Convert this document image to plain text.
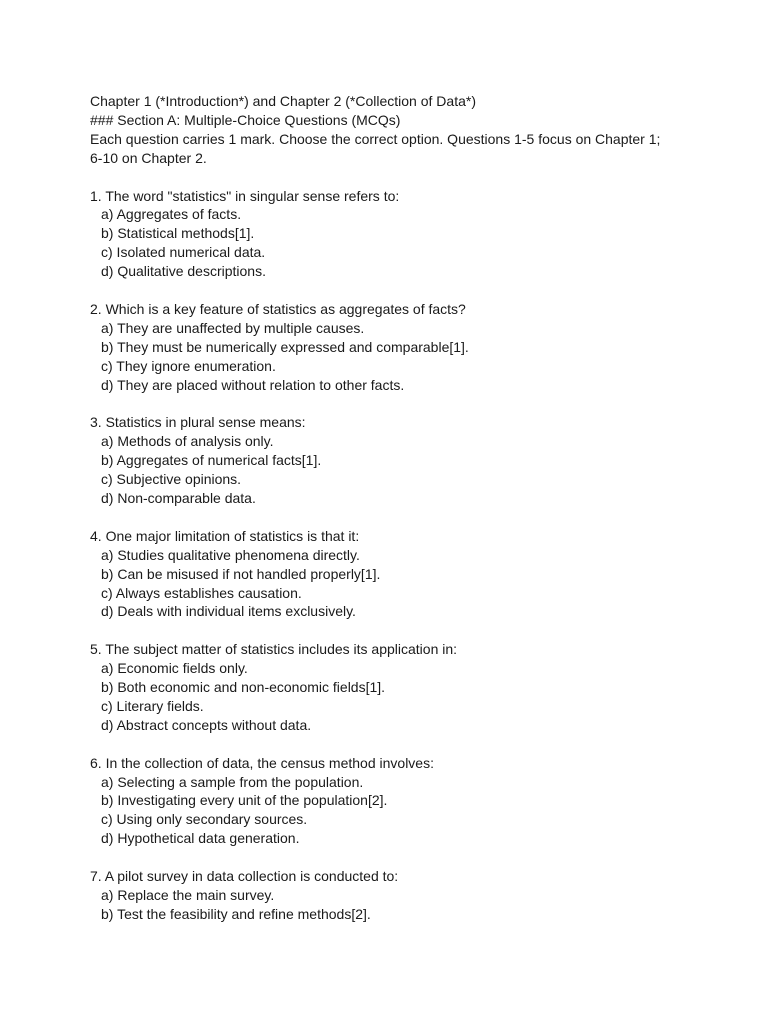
Chapter 1 (*Introduction*) and Chapter 2 (*Collection of Data*)
### Section A: Multiple-Choice Questions (MCQs)
Each question carries 1 mark. Choose the correct option. Questions 1-5 focus on Chapter 1;
6-10 on Chapter 2.
1. The word "statistics" in singular sense refers to:
a) Aggregates of facts.
b) Statistical methods[1].
c) Isolated numerical data.
d) Qualitative descriptions.
2. Which is a key feature of statistics as aggregates of facts?
a) They are unaffected by multiple causes.
b) They must be numerically expressed and comparable[1].
c) They ignore enumeration.
d) They are placed without relation to other facts.
3. Statistics in plural sense means:
a) Methods of analysis only.
b) Aggregates of numerical facts[1].
c) Subjective opinions.
d) Non-comparable data.
4. One major limitation of statistics is that it:
a) Studies qualitative phenomena directly.
b) Can be misused if not handled properly[1].
c) Always establishes causation.
d) Deals with individual items exclusively.
5. The subject matter of statistics includes its application in:
a) Economic fields only.
b) Both economic and non-economic fields[1].
c) Literary fields.
d) Abstract concepts without data.
6. In the collection of data, the census method involves:
a) Selecting a sample from the population.
b) Investigating every unit of the population[2].
c) Using only secondary sources.
d) Hypothetical data generation.
7. A pilot survey in data collection is conducted to:
a) Replace the main survey.
b) Test the feasibility and refine methods[2].
